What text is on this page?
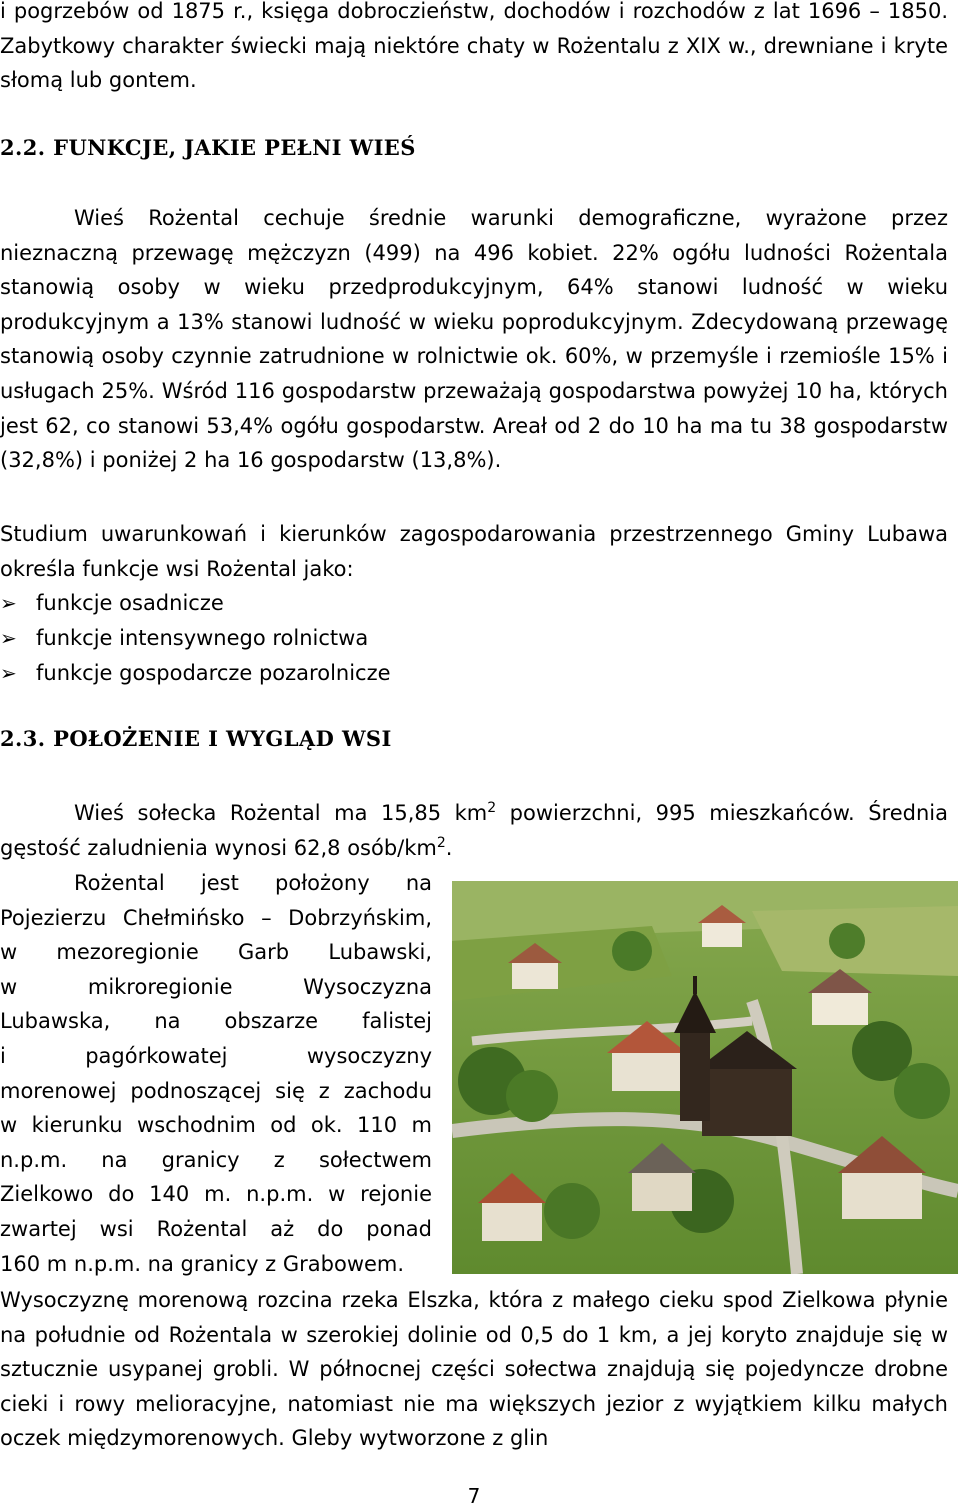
i pogrzebów od 1875 r., księga dobroczieństw, dochodów i rozchodów z lat 1696 – 1850. Zabytkowy charakter świecki mają niektóre chaty w Rożentalu z XIX w., drewniane i kryte słomą lub gontem.

2.2. FUNKCJE, JAKIE PEŁNI WIEŚ

Wieś Rożental cechuje średnie warunki demograficzne, wyrażone przez nieznaczną przewagę mężczyzn (499) na 496 kobiet. 22% ogółu ludności Rożentala stanowią osoby w wieku przedprodukcyjnym, 64% stanowi ludność w wieku produkcyjnym a 13% stanowi ludność w wieku poprodukcyjnym. Zdecydowaną przewagę stanowią osoby czynnie zatrudnione w rolnictwie ok. 60%, w przemyśle i rzemiośle 15% i usługach 25%. Wśród 116 gospodarstw przeważają gospodarstwa powyżej 10 ha, których jest 62, co stanowi 53,4% ogółu gospodarstw. Areał od 2 do 10 ha ma tu 38 gospodarstw (32,8%) i poniżej 2 ha 16 gospodarstw (13,8%).

Studium uwarunkowań i kierunków zagospodarowania przestrzennego Gminy Lubawa określa funkcje wsi Rożental jako:

➢ funkcje osadnicze
➢ funkcje intensywnego rolnictwa
➢ funkcje gospodarcze pozarolnicze
2.3. POŁOŻENIE I WYGLĄD WSI

Wieś sołecka Rożental ma 15,85 $km^2$ powierzchni, 995 mieszkańców. Średnia gęstość zaludnienia wynosi 62,8 osób/$km^2$.

Rożental jest położony na
Pojezierzu Chełmińsko – Dobrzyńskim,
w mezoregionie Garb Lubawski,
w mikroregionie Wysoczyzna
Lubawska, na obszarze falistej
i pagórkowatej wysoczyzny
morenowej podnoszącej się z zachodu
w kierunku wschodnim od ok. 110 m
n.p.m. na granicy z sołectwem
Zielkowo do 140 m. n.p.m. w rejonie
zwartej wsi Rożental aż do ponad
160 m n.p.m. na granicy z Grabowem.

Wysoczyznę morenową rozcina rzeka Elszka, która z małego cieku spod Zielkowa płynie na południe od Rożentala w szerokiej dolinie od 0,5 do 1 km, a jej koryto znajduje się w sztucznie usypanej grobli. W północnej części sołectwa znajdują się pojedyncze drobne cieki i rowy melioracyjne, natomiast nie ma większych jezior z wyjątkiem kilku małych oczek międzymorenowych. Gleby wytworzone z glin

7
